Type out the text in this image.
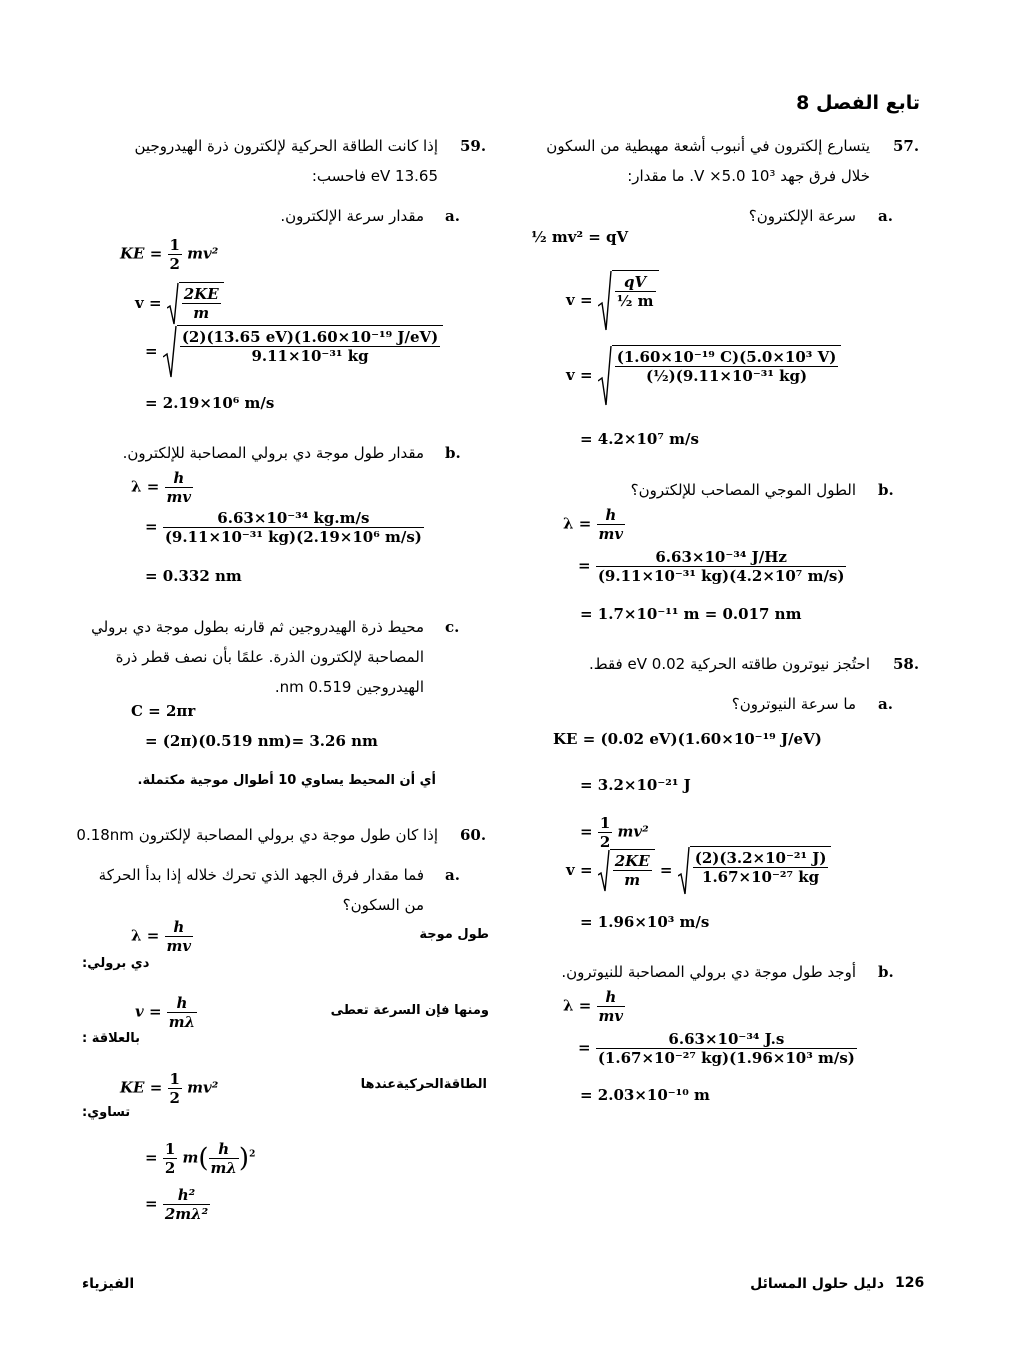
تابع الفصل 8
57.
يتسارع إلكترون في أنبوب أشعة مهبطية من السكون
خلال فرق جهد 10³ V ×5.0. ما مقدار:
a.
سرعة الإلكترون؟
½ mv² = qV
$v = \frac{qV}{\text{½ m}}$
$v = \frac{\text{(1.60×10⁻¹⁹ C)(5.0×10³ V)}}{\text{(½)(9.11×10⁻³¹ kg)}}$
= 4.2×10⁷ m/s
b.
الطول الموجي المصاحب للإلكترون؟
$\lambda = \frac{h}{mv}$
= $\frac{\text{6.63×10⁻³⁴ J/Hz}}{\text{(9.11×10⁻³¹ kg)(4.2×10⁷ m/s)}}$
= 1.7×10⁻¹¹ m = 0.017 nm
58.
احتُجز نيوترون طاقته الحركية 0.02 eV فقط.
a.
ما سرعة النيوترون؟
KE = (0.02 eV)(1.60×10⁻¹⁹ J/eV)
= 3.2×10⁻²¹ J
= $\frac{1}{2} mv^2$
$v = \frac{2KE}{m} = \frac{\text{(2)(3.2×10⁻²¹ J)}}{\text{1.67×10⁻²⁷ kg}}$
= 1.96×10³ m/s
b.
أوجد طول موجة دي برولي المصاحبة للنيوترون.
$\lambda = \frac{h}{mv}$
= $\frac{\text{6.63×10⁻³⁴ J.s}}{\text{(1.67×10⁻²⁷ kg)(1.96×10³ m/s)}}$
= 2.03×10⁻¹⁰ m
59.
إذا كانت الطاقة الحركية لإلكترون ذرة الهيدروجين
13.65 eV فاحسب:
a.
مقدار سرعة الإلكترون.
KE = $\frac{1}{2} mv^2$
$v = \frac{2KE}{m}$
= $\frac{\text{(2)(13.65 eV)(1.60×10⁻¹⁹ J/eV)}}{\text{9.11×10⁻³¹ kg}}$
= 2.19×10⁶ m/s
b.
مقدار طول موجة دي برولي المصاحبة للإلكترون.
$\lambda = \frac{h}{mv}$
= $\frac{\text{6.63×10⁻³⁴ kg.m/s}}{\text{(9.11×10⁻³¹ kg)(2.19×10⁶ m/s)}}$
= 0.332 nm
c.
محيط ذرة الهيدروجين ثم قارنه بطول موجة دي برولي
المصاحبة لإلكترون الذرة. علمًا بأن نصف قطر ذرة
الهيدروجين 0.519 nm.
C = 2πr
= (2π)(0.519 nm)= 3.26 nm
أي أن المحيط يساوي 10 أطوال موجية مكتملة.
60.
إذا كان طول موجة دي برولي المصاحبة لإلكترون 0.18nm
a.
فما مقدار فرق الجهد الذي تحرك خلاله إذا بدأ الحركة
من السكون؟
طول موجة
دي برولي:
ومنها فإن السرعة تعطى
بالعلاقة :
الطاقةالحركيةعندها
تساوي:
$\lambda = \frac{h}{mv}$
$v = \frac{h}{m\lambda}$
KE = $\frac{1}{2} mv^2$
= $\frac{1}{2} m( \frac{h}{m\lambda} )^2$
= $\frac{\text{h²}}{\text{2mλ²}}$
126
دليل حلول المسائل
الفيزياء
